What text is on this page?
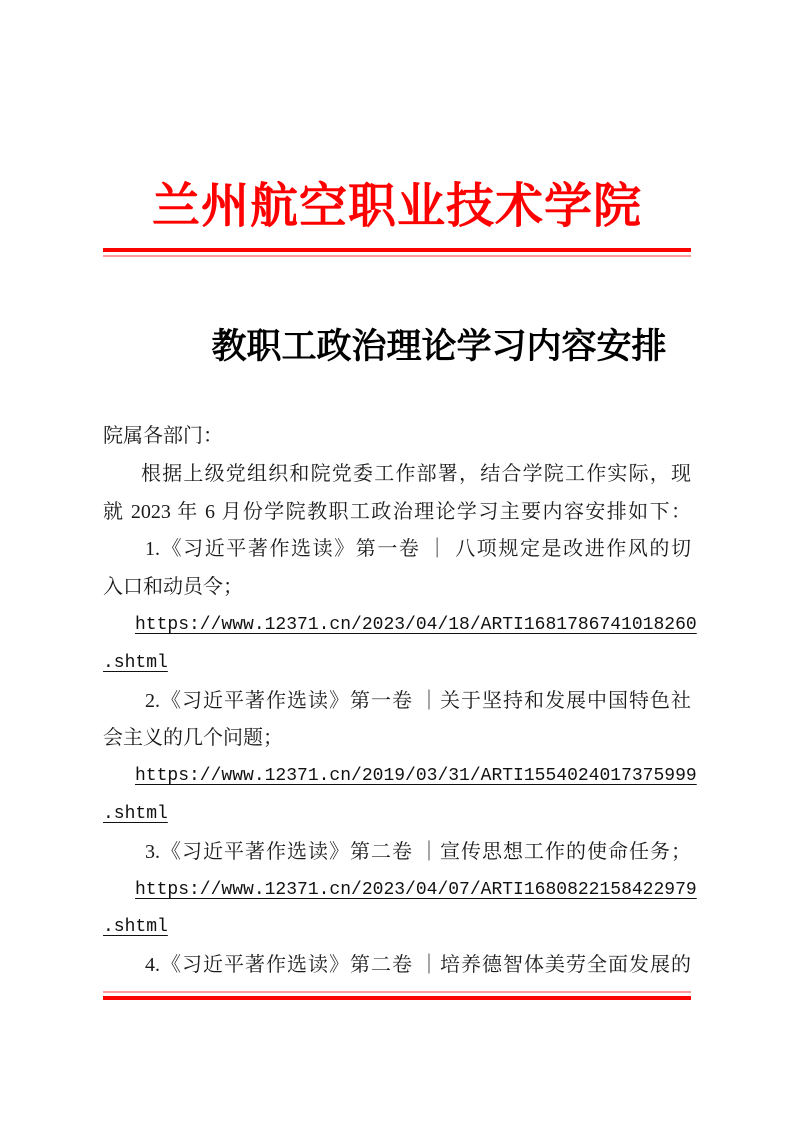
兰州航空职业技术学院
教职工政治理论学习内容安排
院属各部门：
根据上级党组织和院党委工作部署，结合学院工作实际，现
就 2023 年 6 月份学院教职工政治理论学习主要内容安排如下：
1.《习近平著作选读》第一卷 ｜ 八项规定是改进作风的切
入口和动员令；
https://www.12371.cn/2023/04/18/ARTI1681786741018260
.shtml
2.《习近平著作选读》第一卷 ｜关于坚持和发展中国特色社
会主义的几个问题；
https://www.12371.cn/2019/03/31/ARTI1554024017375999
.shtml
3.《习近平著作选读》第二卷 ｜宣传思想工作的使命任务；
https://www.12371.cn/2023/04/07/ARTI1680822158422979
.shtml
4.《习近平著作选读》第二卷 ｜培养德智体美劳全面发展的
